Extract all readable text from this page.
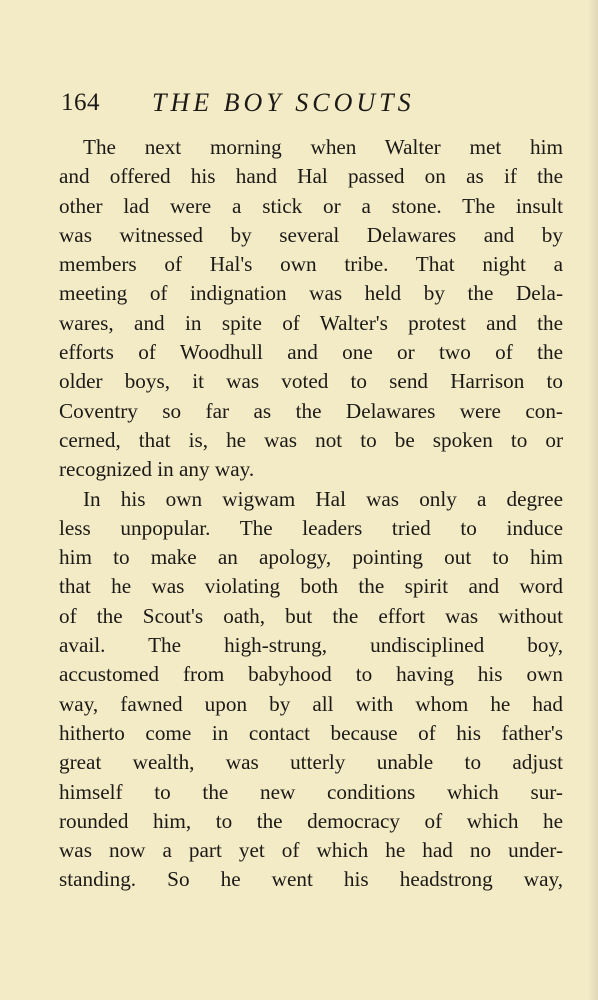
164 THE BOY SCOUTS
The next morning when Walter met him
and offered his hand Hal passed on as if the
other lad were a stick or a stone. The insult
was witnessed by several Delawares and by
members of Hal's own tribe. That night a
meeting of indignation was held by the Dela-
wares, and in spite of Walter's protest and the
efforts of Woodhull and one or two of the
older boys, it was voted to send Harrison to
Coventry so far as the Delawares were con-
cerned, that is, he was not to be spoken to or
recognized in any way.
In his own wigwam Hal was only a degree
less unpopular. The leaders tried to induce
him to make an apology, pointing out to him
that he was violating both the spirit and word
of the Scout's oath, but the effort was without
avail. The high-strung, undisciplined boy,
accustomed from babyhood to having his own
way, fawned upon by all with whom he had
hitherto come in contact because of his father's
great wealth, was utterly unable to adjust
himself to the new conditions which sur-
rounded him, to the democracy of which he
was now a part yet of which he had no under-
standing. So he went his headstrong way,
